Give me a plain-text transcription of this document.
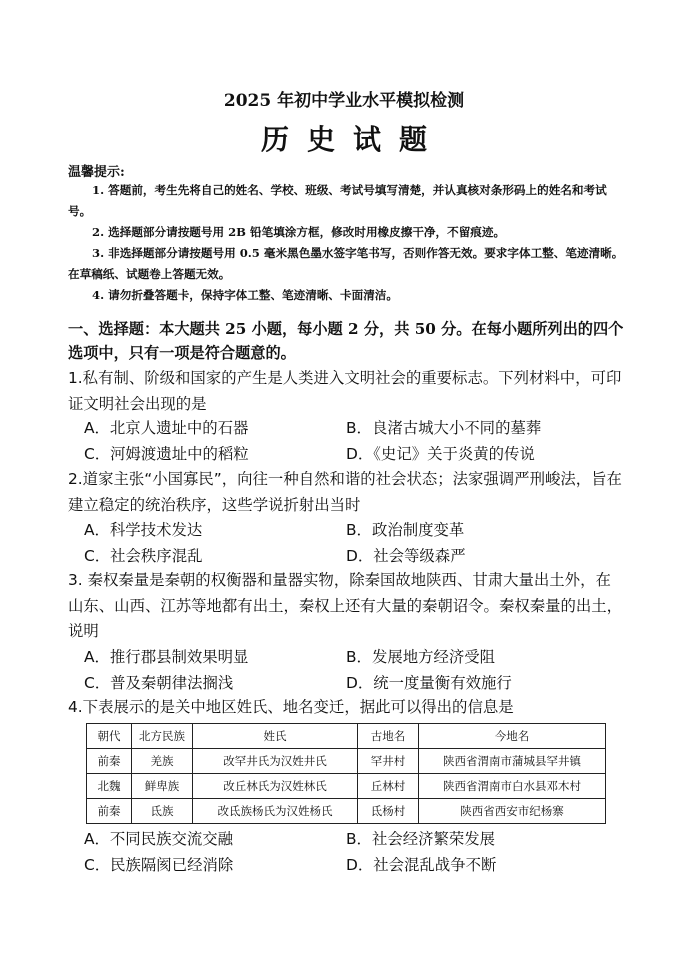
2025 年初中学业水平模拟检测
历史试题
温馨提示:

1. 答题前，考生先将自己的姓名、学校、班级、考试号填写清楚，并认真核对条形码上的姓名和考试号。

2. 选择题部分请按题号用 2B 铅笔填涂方框，修改时用橡皮擦干净，不留痕迹。

3. 非选择题部分请按题号用 0.5 毫米黑色墨水签字笔书写，否则作答无效。要求字体工整、笔迹清晰。在草稿纸、试题卷上答题无效。

4. 请勿折叠答题卡，保持字体工整、笔迹清晰、卡面清洁。

一、选择题：本大题共 25 小题，每小题 2 分，共 50 分。在每小题所列出的四个选项中，只有一项是符合题意的。

1.私有制、阶级和国家的产生是人类进入文明社会的重要标志。下列材料中，可印证文明社会出现的是

A．北京人遗址中的石器	B．良渚古城大小不同的墓葬
C．河姆渡遗址中的稻粒	D．《史记》关于炎黄的传说

2.道家主张“小国寡民”，向往一种自然和谐的社会状态；法家强调严刑峻法，旨在建立稳定的统治秩序，这些学说折射出当时

A．科学技术发达	B．政治制度变革
C．社会秩序混乱	D．社会等级森严

3. 秦权秦量是秦朝的权衡器和量器实物，除秦国故地陕西、甘肃大量出土外，在山东、山西、江苏等地都有出土，秦权上还有大量的秦朝诏令。秦权秦量的出土，说明

A．推行郡县制效果明显	B．发展地方经济受阻
C．普及秦朝律法搁浅	D．统一度量衡有效施行

4.下表展示的是关中地区姓氏、地名变迁，据此可以得出的信息是

朝代	北方民族	姓氏	古地名	今地名
前秦	羌族	改罕井氏为汉姓井氏	罕井村	陕西省渭南市蒲城县罕井镇
北魏	鲜卑族	改丘林氏为汉姓林氏	丘林村	陕西省渭南市白水县邓木村
前秦	氐族	改氐族杨氏为汉姓杨氏	氐杨村	陕西省西安市纪杨寨
A．不同民族交流交融	B．社会经济繁荣发展
C．民族隔阂已经消除	D．社会混乱战争不断
